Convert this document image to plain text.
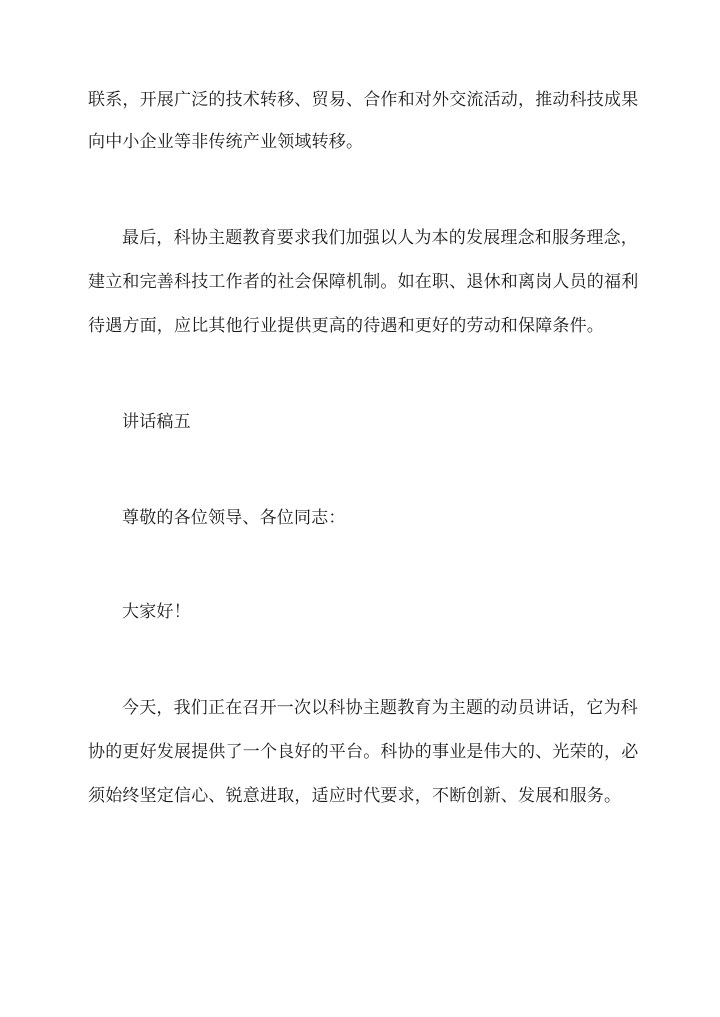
联系，开展广泛的技术转移、贸易、合作和对外交流活动，推动科技成果
向中小企业等非传统产业领域转移。
最后，科协主题教育要求我们加强以人为本的发展理念和服务理念，
建立和完善科技工作者的社会保障机制。如在职、退休和离岗人员的福利
待遇方面，应比其他行业提供更高的待遇和更好的劳动和保障条件。
讲话稿五
尊敬的各位领导、各位同志：
大家好！
今天，我们正在召开一次以科协主题教育为主题的动员讲话，它为科
协的更好发展提供了一个良好的平台。科协的事业是伟大的、光荣的，必
须始终坚定信心、锐意进取，适应时代要求，不断创新、发展和服务。
